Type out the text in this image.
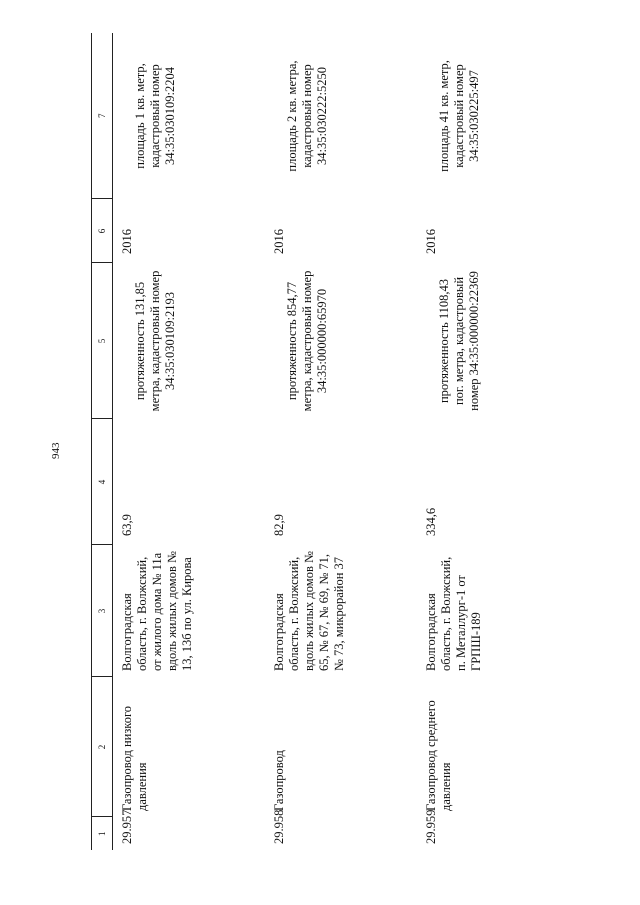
943
1	2	3	4	5	6	7
29.957	Газопровод низкого давления	Волгоградская область, г. Волжский, от жилого дома № 11а вдоль жилых домов № 13, 13б по ул. Кирова	63,9	протяженность 131,85 метра, кадастровый номер 34:35:030109:2193	2016	площадь 1 кв. метр, кадастровый номер 34:35:030109:2204
29.958	Газопровод	Волгоградская область, г. Волжский, вдоль жилых домов № 65, № 67, № 69, № 71, № 73, микрорайон 37	82,9	протяженность 854,77 метра, кадастровый номер 34:35:000000:65970	2016	площадь 2 кв. метра, кадастровый номер 34:35:030222:5250
29.959	Газопровод среднего давления	Волгоградская область, г. Волжский, п. Металлург-1 от ГРПШ-189	334,6	протяженность 1108,43 пог. метра, кадастровый номер 34:35:000000:22369	2016	площадь 41 кв. метр, кадастровый номер 34:35:030225:497
